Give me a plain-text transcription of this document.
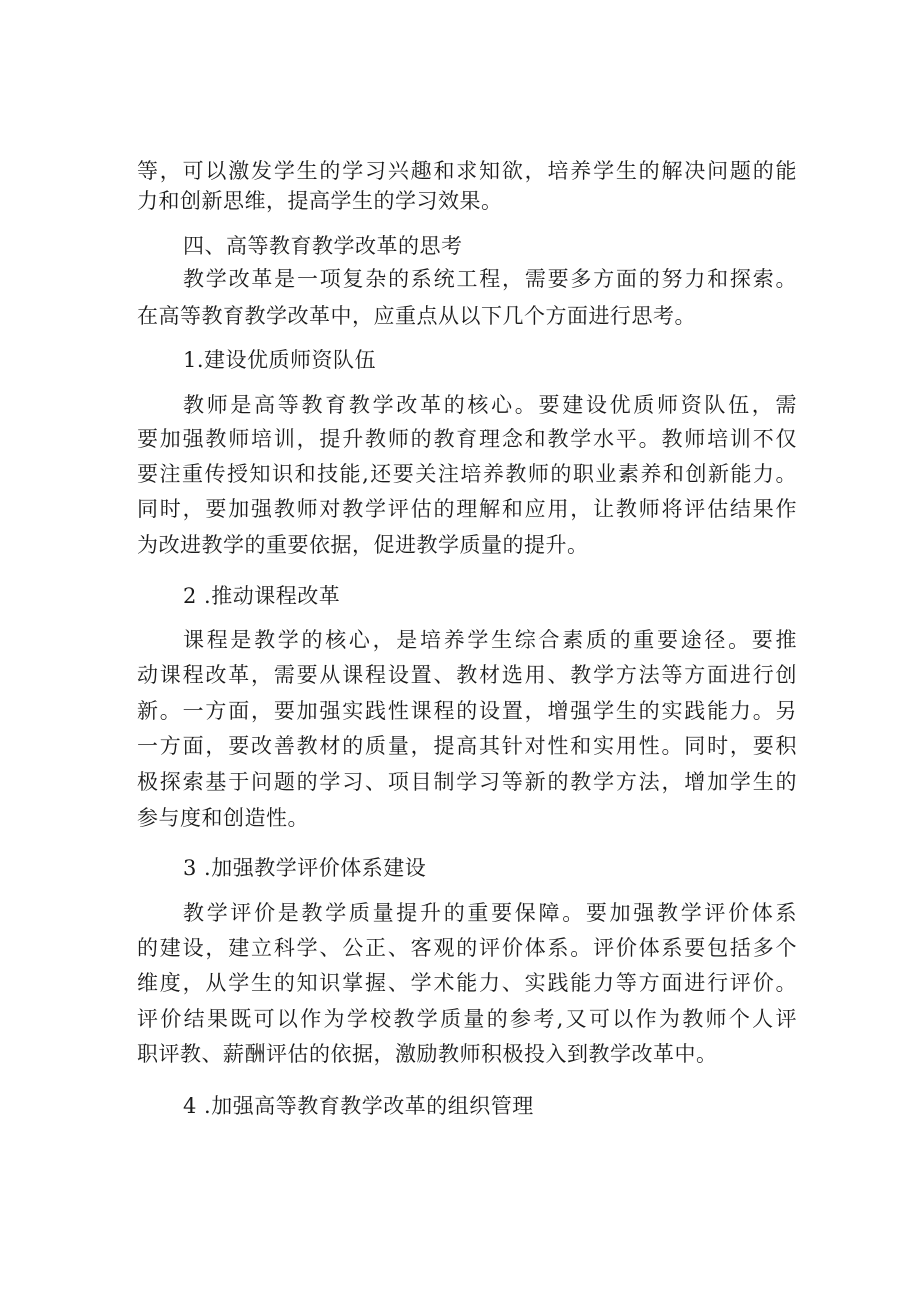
等，可以激发学生的学习兴趣和求知欲，培养学生的解决问题的能
力和创新思维，提高学生的学习效果。
四、高等教育教学改革的思考
教学改革是一项复杂的系统工程，需要多方面的努力和探索。
在高等教育教学改革中，应重点从以下几个方面进行思考。
1.建设优质师资队伍
教师是高等教育教学改革的核心。要建设优质师资队伍，需
要加强教师培训，提升教师的教育理念和教学水平。教师培训不仅
要注重传授知识和技能,还要关注培养教师的职业素养和创新能力。
同时，要加强教师对教学评估的理解和应用，让教师将评估结果作
为改进教学的重要依据，促进教学质量的提升。
2 .推动课程改革
课程是教学的核心，是培养学生综合素质的重要途径。要推
动课程改革，需要从课程设置、教材选用、教学方法等方面进行创
新。一方面，要加强实践性课程的设置，增强学生的实践能力。另
一方面，要改善教材的质量，提高其针对性和实用性。同时，要积
极探索基于问题的学习、项目制学习等新的教学方法，增加学生的
参与度和创造性。
3 .加强教学评价体系建设
教学评价是教学质量提升的重要保障。要加强教学评价体系
的建设，建立科学、公正、客观的评价体系。评价体系要包括多个
维度，从学生的知识掌握、学术能力、实践能力等方面进行评价。
评价结果既可以作为学校教学质量的参考,又可以作为教师个人评
职评教、薪酬评估的依据，激励教师积极投入到教学改革中。
4 .加强高等教育教学改革的组织管理
